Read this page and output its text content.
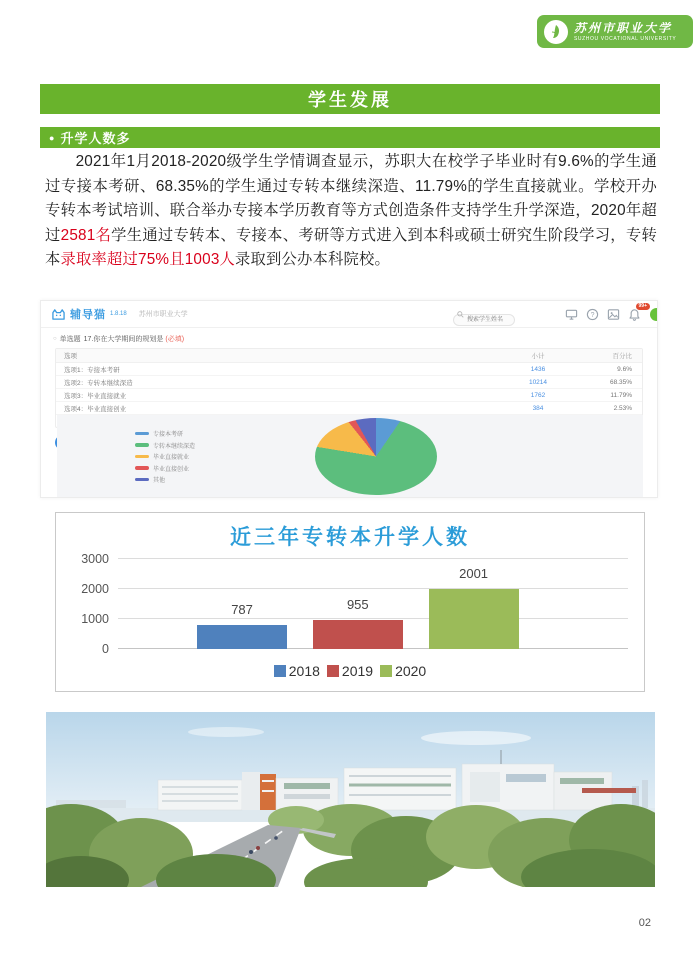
苏州市职业大学
SUZHOU VOCATIONAL UNIVERSITY
学生发展
● 升学人数多

2021年1月2018-2020级学生学情调查显示，苏职大在校学子毕业时有9.6%的学生通过专接本考研、68.35%的学生通过专转本继续深造、11.79%的学生直接就业。学校开办专转本考试培训、联合举办专接本学历教育等方式创造条件支持学生升学深造，2020年超过2581名学生通过专转本、专接本、考研等方式进入到本科或硕士研究生阶段学习，专转本录取率超过75%且1003人录取到公办本科院校。

辅导猫 1.8.18 苏州市职业大学
搜索学生姓名	?
99+
○ 单选题 17.你在大学期间的规划是 (必填)
选项	小计	百分比
选项1：专接本考研	1436	9.6%
选项2：专转本继续深造	10214	68.35%
选项3：毕业直接就业	1762	11.79%
选项4：毕业直接创业	384	2.53%
专接本考研
专转本继续深造
毕业直接就业
毕业直接创业
其他
近三年专转本升学人数
0
1000
2000
3000
787	955
2001
2018 2019 2020
02
